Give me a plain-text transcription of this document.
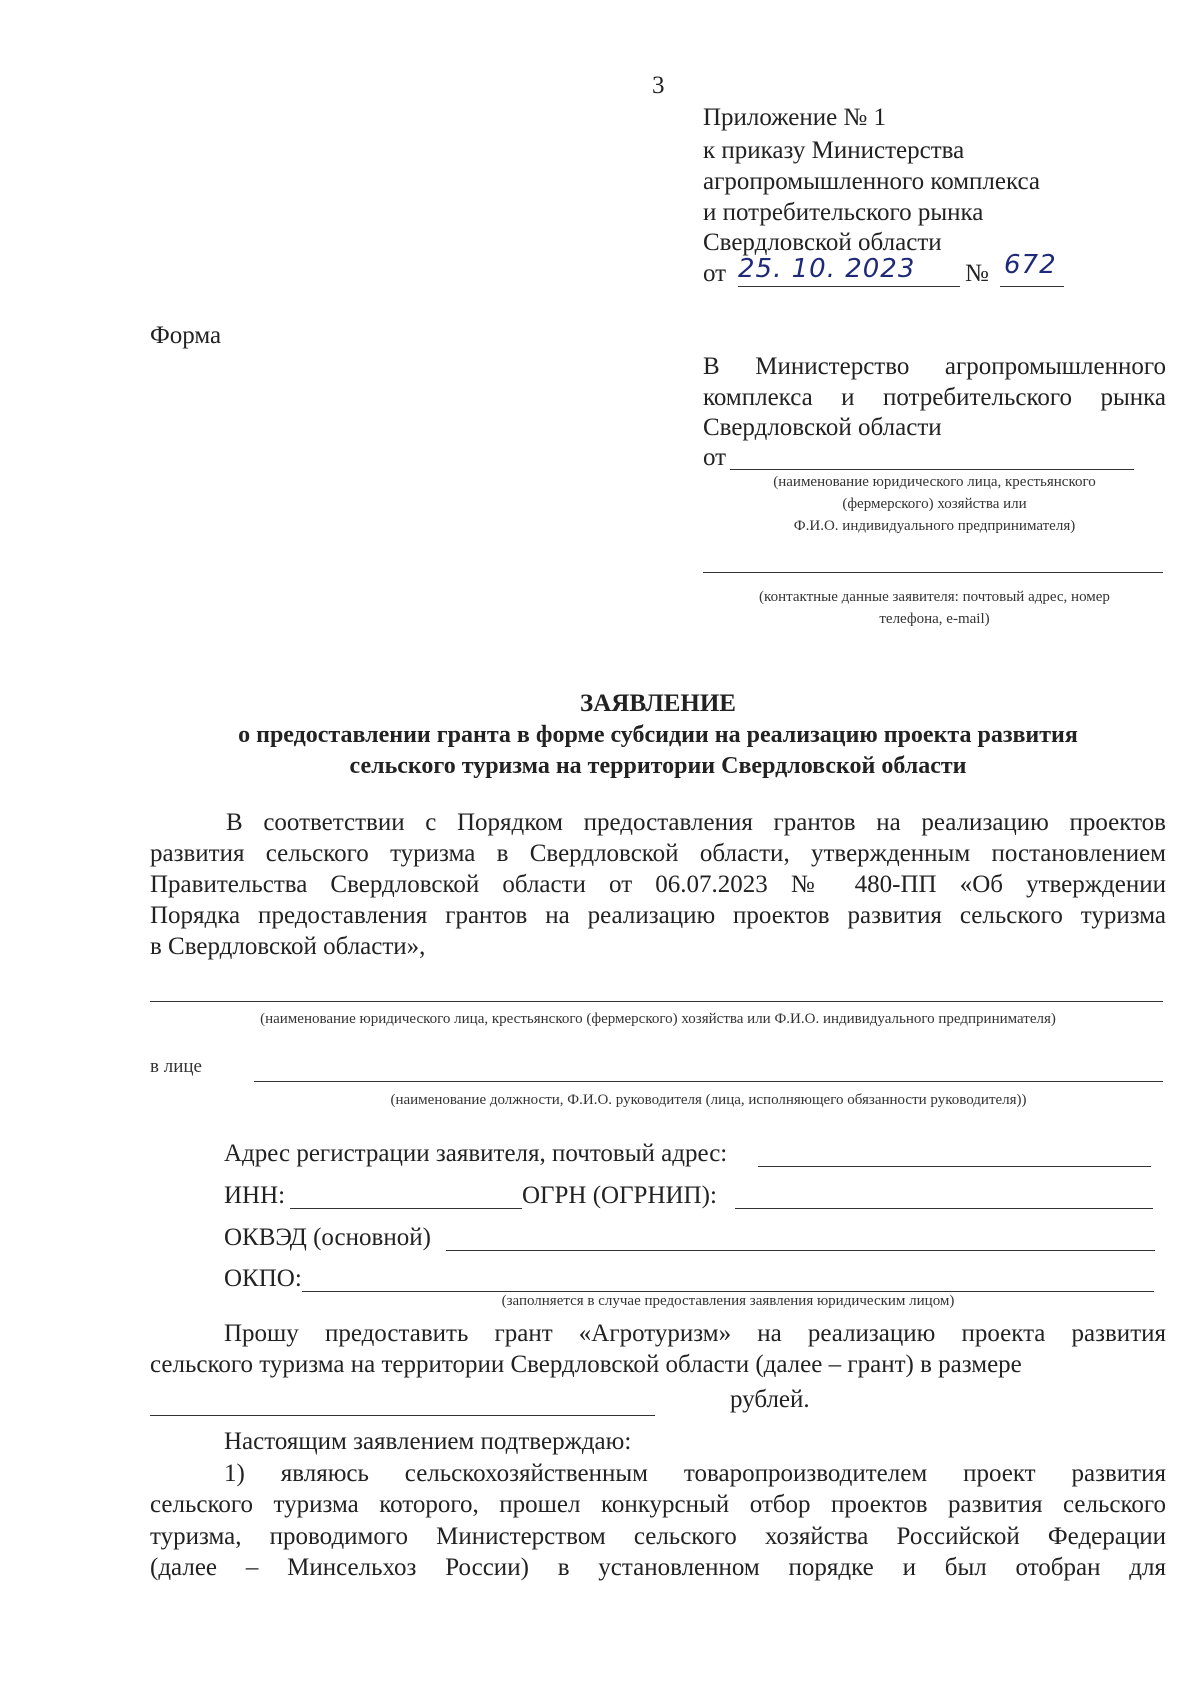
3
Приложение № 1
к приказу Министерства
агропромышленного комплекса
и потребительского рынка
Свердловской области
от 25. 10. 2023 № 672
Форма
В Министерство агропромышленного
комплекса и потребительского рынка
Свердловской области
от
(наименование юридического лица, крестьянского
(фермерского) хозяйства или
Ф.И.О. индивидуального предпринимателя)
(контактные данные заявителя: почтовый адрес, номер
телефона, e-mail)
ЗАЯВЛЕНИЕ
о предоставлении гранта в форме субсидии на реализацию проекта развития
сельского туризма на территории Свердловской области
В соответствии с Порядком предоставления грантов на реализацию проектов
развития сельского туризма в Свердловской области, утвержденным постановлением
Правительства Свердловской области от 06.07.2023 № 480-ПП «Об утверждении
Порядка предоставления грантов на реализацию проектов развития сельского туризма
в Свердловской области»,
(наименование юридического лица, крестьянского (фермерского) хозяйства или Ф.И.О. индивидуального предпринимателя)
в лице
(наименование должности, Ф.И.О. руководителя (лица, исполняющего обязанности руководителя))
Адрес регистрации заявителя, почтовый адрес:
ИНН:	ОГРН (ОГРНИП):
ОКВЭД (основной)
ОКПО:
(заполняется в случае предоставления заявления юридическим лицом)
Прошу предоставить грант «Агротуризм» на реализацию проекта развития
сельского туризма на территории Свердловской области (далее – грант) в размере
рублей.
Настоящим заявлением подтверждаю:
1) являюсь сельскохозяйственным товаропроизводителем проект развития
сельского туризма которого, прошел конкурсный отбор проектов развития сельского
туризма, проводимого Министерством сельского хозяйства Российской Федерации
(далее – Минсельхоз России) в установленном порядке и был отобран для
